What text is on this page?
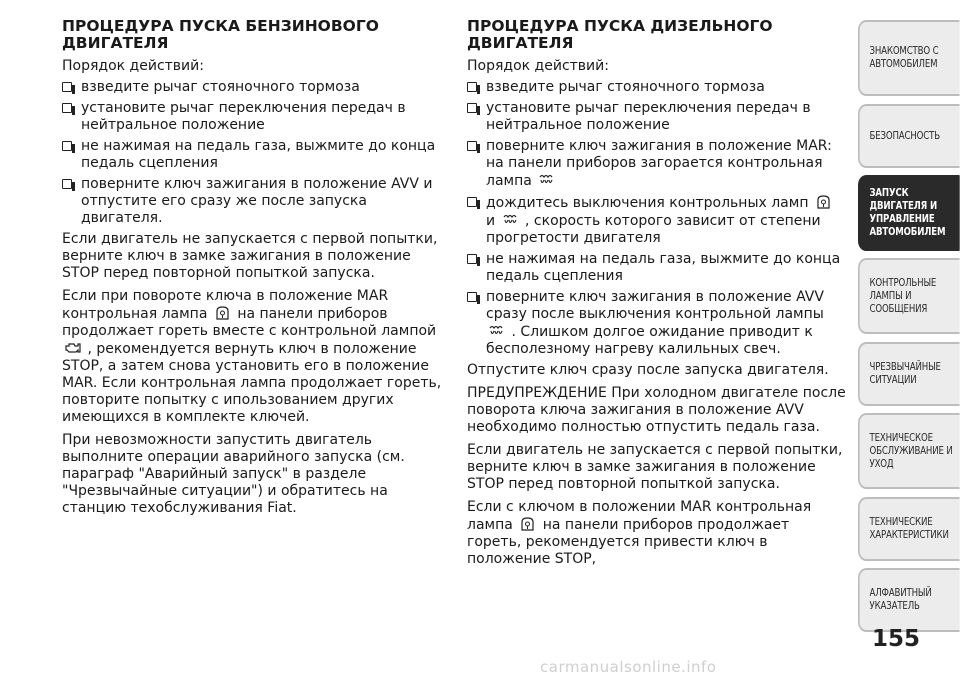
ПРОЦЕДУРА ПУСКА БЕНЗИНОВОГО ДВИГАТЕЛЯ
Порядок действий:
взведите рычаг стояночного тормоза
установите рычаг переключения передач в нейтральное положение
не нажимая на педаль газа, выжмите до конца педаль сцепления
поверните ключ зажигания в положение AVV и отпустите его сразу же после запуска двигателя.

Если двигатель не запускается с первой попытки, верните ключ в замке зажигания в положение STOP перед повторной попыткой запуска.

Если при повороте ключа в положение MAR контрольная лампа на панели приборов продолжает гореть вместе с контрольной лампой  , рекомендуется вернуть ключ в положение STOP, а затем снова установить его в положение MAR. Если контрольная лампа продолжает гореть, повторите попытку с ипользованием других имеющихся в комплекте ключей.

При невозможности запустить двигатель выполните операции аварийного запуска (см. параграф "Аварийный запуск" в разделе "Чрезвычайные ситуации") и обратитесь на станцию техобслуживания Fiat.

ПРОЦЕДУРА ПУСКА ДИЗЕЛЬНОГО ДВИГАТЕЛЯ
Порядок действий:
взведите рычаг стояночного тормоза
установите рычаг переключения передач в нейтральное положение
поверните ключ зажигания в положение MAR: на панели приборов загорается контрольная лампа
дождитесь выключения контрольных ламп  и , скорость которого зависит от степени прогретости двигателя
не нажимая на педаль газа, выжмите до конца педаль сцепления
поверните ключ зажигания в положение AVV сразу после выключения контрольной лампы  . Слишком долгое ожидание приводит к бесполезному нагреву калильных свеч.

Отпустите ключ сразу после запуска двигателя.

ПРЕДУПРЕЖДЕНИЕ При холодном двигателе после поворота ключа зажигания в положение AVV необходимо полностью отпустить педаль газа.

Если двигатель не запускается с первой попытки, верните ключ в замке зажигания в положение STOP перед повторной попыткой запуска.

Если с ключом в положении MAR контрольная лампа на панели приборов продолжает гореть, рекомендуется привести ключ в положение STOP,

ЗНАКОМСТВО С
АВТОМОБИЛЕМ
БЕЗОПАСНОСТЬ
ЗАПУСК
ДВИГАТЕЛЯ И
УПРАВЛЕНИЕ
АВТОМОБИЛЕМ
КОНТРОЛЬНЫЕ
ЛАМПЫ И
СООБЩЕНИЯ
ЧРЕЗВЫЧАЙНЫЕ
СИТУАЦИИ
ТЕХНИЧЕСКОЕ
ОБСЛУЖИВАНИЕ И
УХОД
ТЕХНИЧЕСКИЕ
ХАРАКТЕРИСТИКИ
АЛФАВИТНЫЙ
УКАЗАТЕЛЬ
155
carmanualsonline.info
